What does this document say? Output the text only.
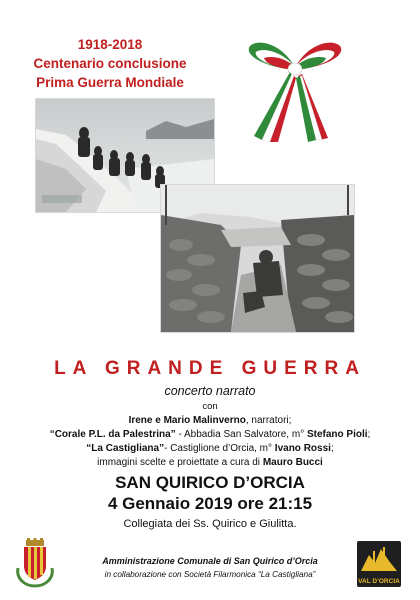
1918-2018
Centenario conclusione
Prima Guerra Mondiale
LA GRANDE GUERRA
concerto narrato
con
Irene e Mario Malinverno, narratori;
“Corale P.L. da Palestrina” - Abbadia San Salvatore, m° Stefano Pioli;
“La Castigliana”- Castiglione d’Orcia, m° Ivano Rossi;
immagini scelte e proiettate a cura di Mauro Bucci
SAN QUIRICO D’ORCIA
4 Gennaio 2019 ore 21:15
Collegiata dei Ss. Quirico e Giulitta.
Amministrazione Comunale di San Quirico d’Orcia
in collaborazione con Società Filarmonica “La Castigliana”
VAL D’ORCIA
